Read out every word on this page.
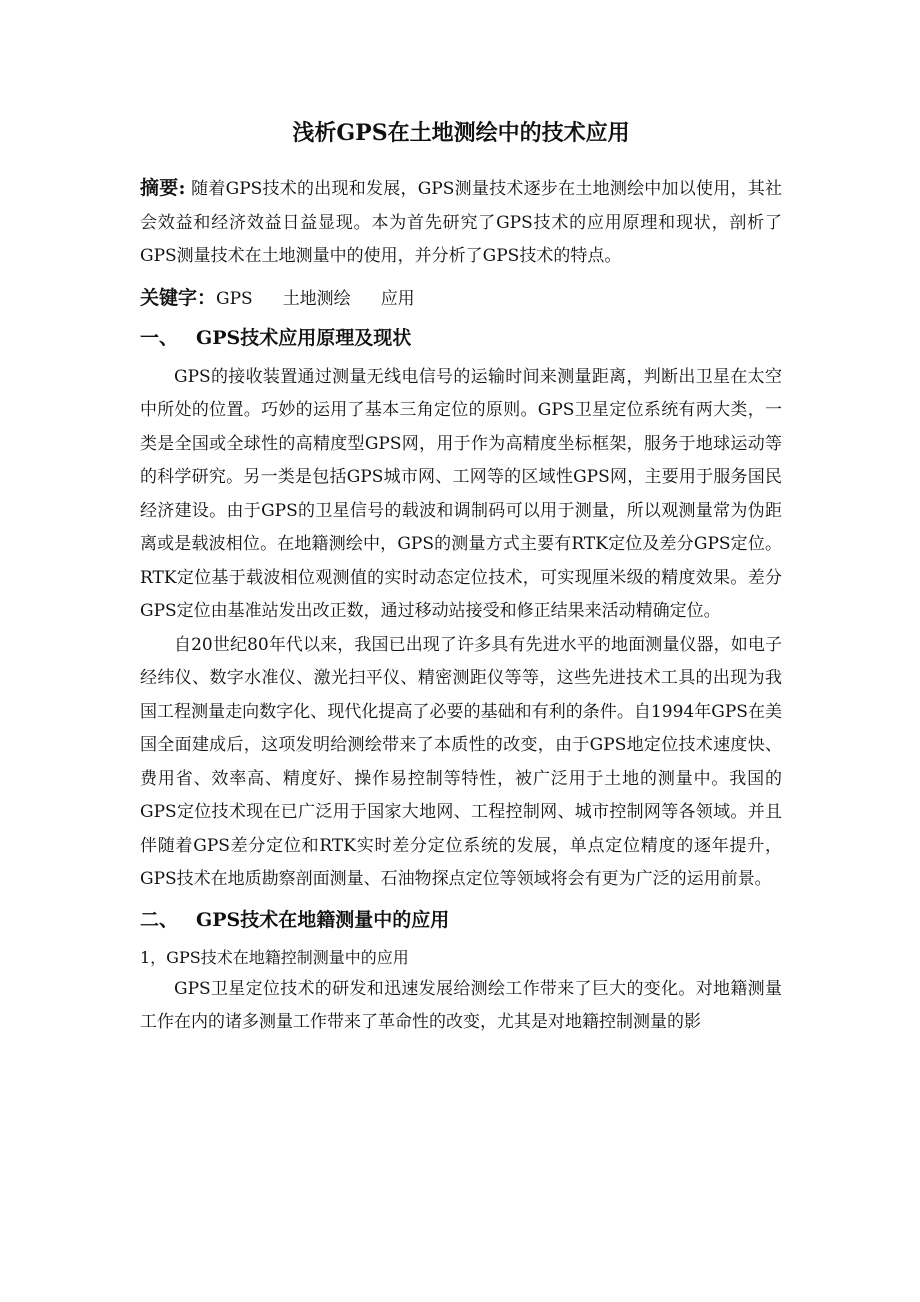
浅析GPS在土地测绘中的技术应用

摘要: 随着GPS技术的出现和发展，GPS测量技术逐步在土地测绘中加以使用，其社会效益和经济效益日益显现。本为首先研究了GPS技术的应用原理和现状，剖析了GPS测量技术在土地测量中的使用，并分析了GPS技术的特点。

关键字：GPS 土地测绘 应用
一、 GPS技术应用原理及现状

GPS的接收装置通过测量无线电信号的运输时间来测量距离，判断出卫星在太空中所处的位置。巧妙的运用了基本三角定位的原则。GPS卫星定位系统有两大类，一类是全国或全球性的高精度型GPS网，用于作为高精度坐标框架，服务于地球运动等的科学研究。另一类是包括GPS城市网、工网等的区域性GPS网，主要用于服务国民经济建设。由于GPS的卫星信号的载波和调制码可以用于测量，所以观测量常为伪距离或是载波相位。在地籍测绘中，GPS的测量方式主要有RTK定位及差分GPS定位。RTK定位基于载波相位观测值的实时动态定位技术，可实现厘米级的精度效果。差分GPS定位由基准站发出改正数，通过移动站接受和修正结果来活动精确定位。

自20世纪80年代以来，我国已出现了许多具有先进水平的地面测量仪器，如电子经纬仪、数字水准仪、激光扫平仪、精密测距仪等等，这些先进技术工具的出现为我国工程测量走向数字化、现代化提高了必要的基础和有利的条件。自1994年GPS在美国全面建成后，这项发明给测绘带来了本质性的改变，由于GPS地定位技术速度快、费用省、效率高、精度好、操作易控制等特性，被广泛用于土地的测量中。我国的GPS定位技术现在已广泛用于国家大地网、工程控制网、城市控制网等各领域。并且伴随着GPS差分定位和RTK实时差分定位系统的发展，单点定位精度的逐年提升，GPS技术在地质勘察剖面测量、石油物探点定位等领域将会有更为广泛的运用前景。

二、 GPS技术在地籍测量中的应用
1，GPS技术在地籍控制测量中的应用

GPS卫星定位技术的研发和迅速发展给测绘工作带来了巨大的变化。对地籍测量工作在内的诸多测量工作带来了革命性的改变，尤其是对地籍控制测量的影
